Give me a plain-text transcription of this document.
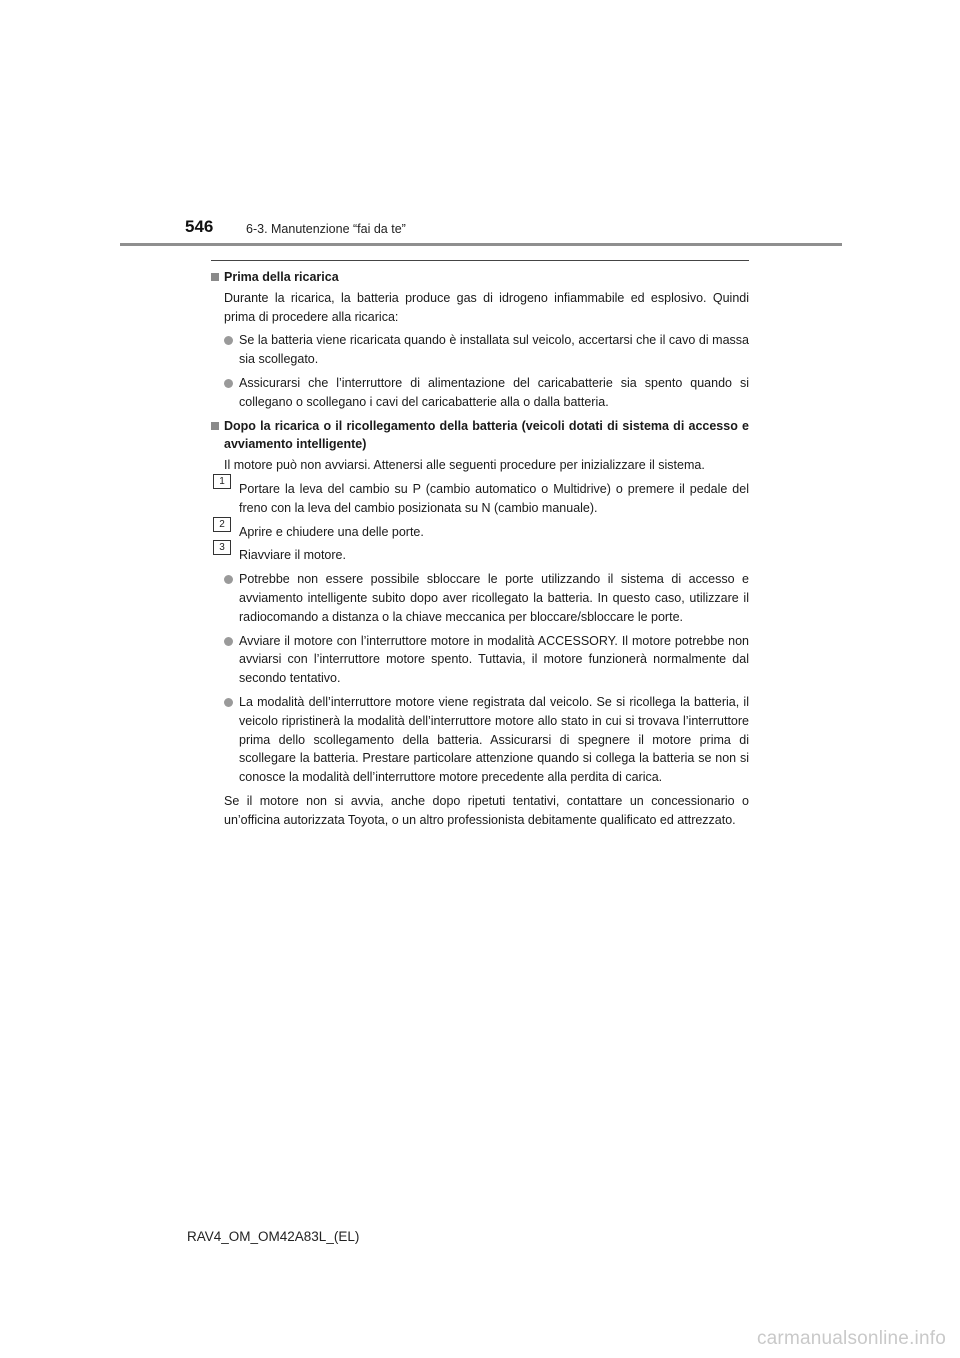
546	6-3. Manutenzione “fai da te”
Prima della ricarica
Durante la ricarica, la batteria produce gas di idrogeno infiammabile ed esplosivo. Quindi prima di procedere alla ricarica:
Se la batteria viene ricaricata quando è installata sul veicolo, accertarsi che il cavo di massa sia scollegato.
Assicurarsi che l’interruttore di alimentazione del caricabatterie sia spento quando si collegano o scollegano i cavi del caricabatterie alla o dalla batteria.
Dopo la ricarica o il ricollegamento della batteria (veicoli dotati di sistema di accesso e avviamento intelligente)
Il motore può non avviarsi. Attenersi alle seguenti procedure per inizializzare il sistema.
1
Portare la leva del cambio su P (cambio automatico o Multidrive) o premere il pedale del freno con la leva del cambio posizionata su N (cambio manuale).
2
Aprire e chiudere una delle porte.
3
Riavviare il motore.
Potrebbe non essere possibile sbloccare le porte utilizzando il sistema di accesso e avviamento intelligente subito dopo aver ricollegato la batteria. In questo caso, utilizzare il radiocomando a distanza o la chiave meccanica per bloccare/sbloccare le porte.
Avviare il motore con l’interruttore motore in modalità ACCESSORY. Il motore potrebbe non avviarsi con l’interruttore motore spento. Tuttavia, il motore funzionerà normalmente dal secondo tentativo.
La modalità dell’interruttore motore viene registrata dal veicolo. Se si ricollega la batteria, il veicolo ripristinerà la modalità dell’interruttore motore allo stato in cui si trovava l’interruttore prima dello scollegamento della batteria. Assicurarsi di spegnere il motore prima di scollegare la batteria. Prestare particolare attenzione quando si collega la batteria se non si conosce la modalità dell’interruttore motore precedente alla perdita di carica.
Se il motore non si avvia, anche dopo ripetuti tentativi, contattare un concessionario o un’officina autorizzata Toyota, o un altro professionista debitamente qualificato ed attrezzato.
RAV4_OM_OM42A83L_(EL)
carmanualsonline.info
